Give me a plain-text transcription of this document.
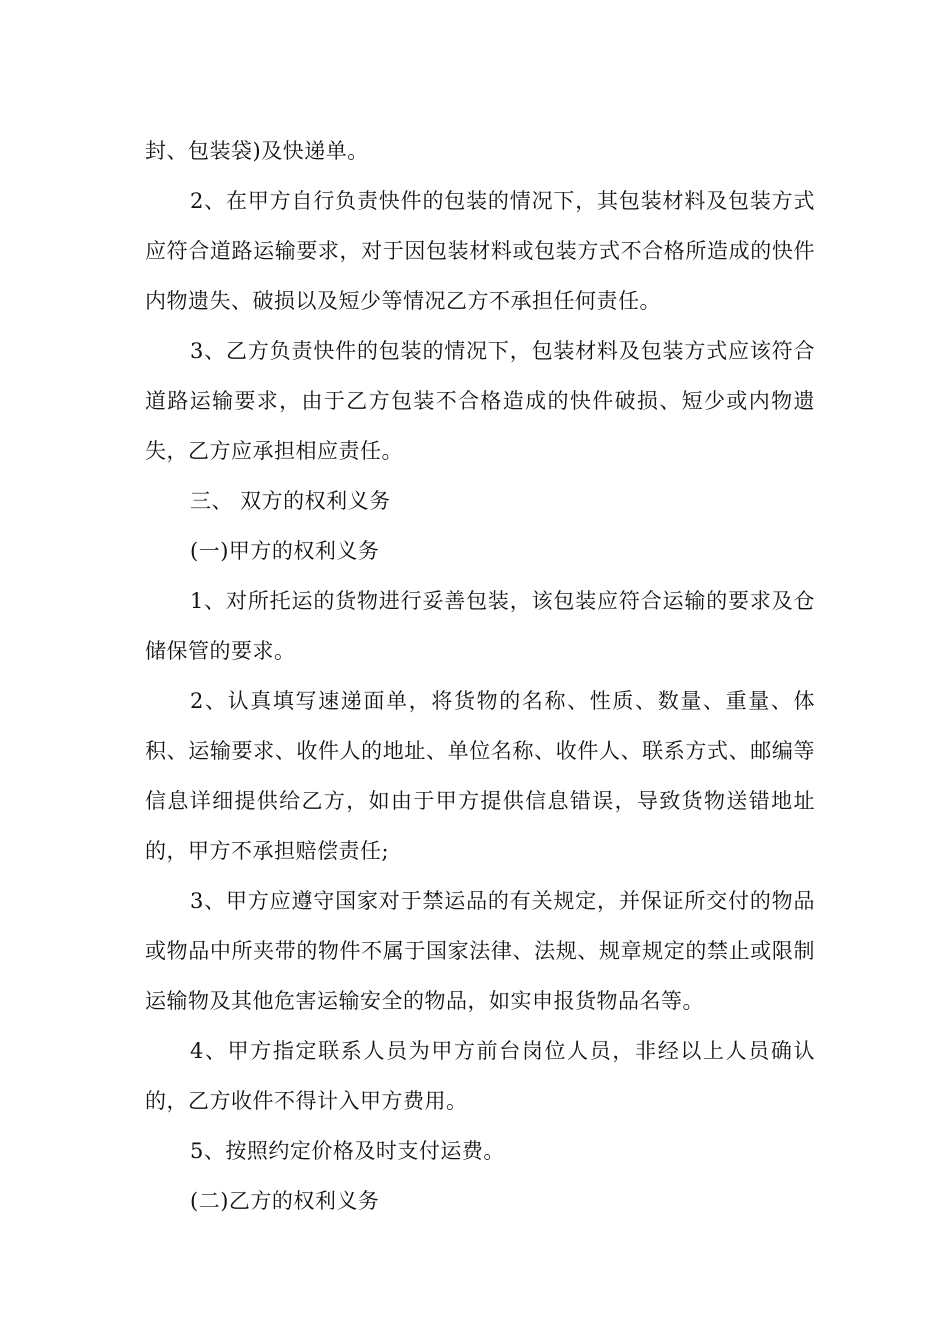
封、包装袋)及快递单。

2、在甲方自行负责快件的包装的情况下，其包装材料及包装方式应符合道路运输要求，对于因包装材料或包装方式不合格所造成的快件内物遗失、破损以及短少等情况乙方不承担任何责任。

3、乙方负责快件的包装的情况下，包装材料及包装方式应该符合道路运输要求，由于乙方包装不合格造成的快件破损、短少或内物遗失，乙方应承担相应责任。

三、 双方的权利义务

(一)甲方的权利义务

1、对所托运的货物进行妥善包装，该包装应符合运输的要求及仓储保管的要求。

2、认真填写速递面单，将货物的名称、性质、数量、重量、体积、运输要求、收件人的地址、单位名称、收件人、联系方式、邮编等信息详细提供给乙方，如由于甲方提供信息错误，导致货物送错地址的，甲方不承担赔偿责任;

3、甲方应遵守国家对于禁运品的有关规定，并保证所交付的物品或物品中所夹带的物件不属于国家法律、法规、规章规定的禁止或限制运输物及其他危害运输安全的物品，如实申报货物品名等。

4、甲方指定联系人员为甲方前台岗位人员，非经以上人员确认的，乙方收件不得计入甲方费用。

5、按照约定价格及时支付运费。

(二)乙方的权利义务
